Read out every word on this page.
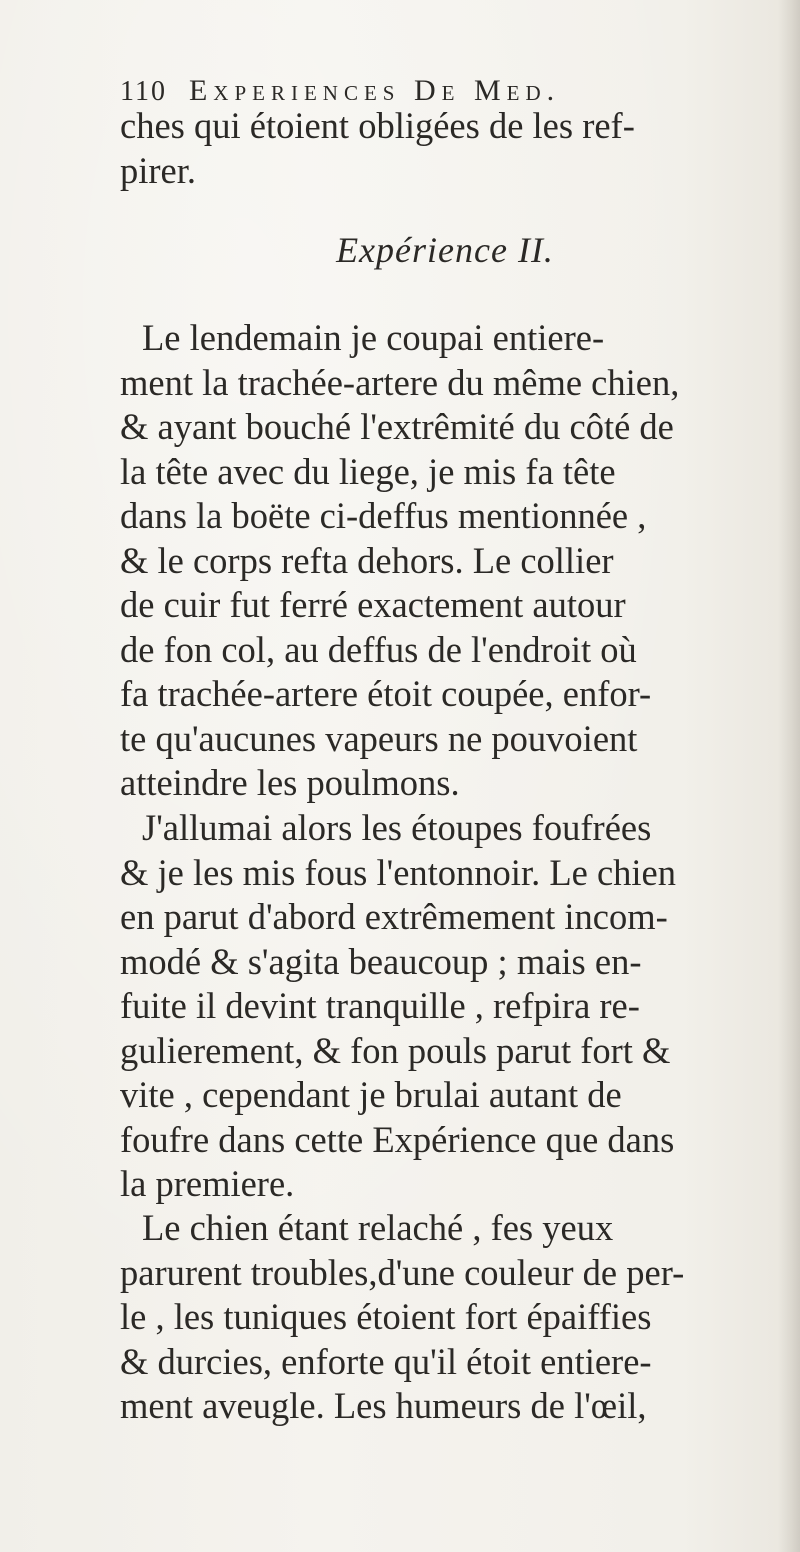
110 Experiences De Med.
ches qui étoient obligées de les ref-
pirer.
Expérience II.
Le lendemain je coupai entiere-
ment la trachée-artere du même chien,
& ayant bouché l'extrêmité du côté de
la tête avec du liege, je mis fa tête
dans la boëte ci-deffus mentionnée ,
& le corps refta dehors. Le collier
de cuir fut ferré exactement autour
de fon col, au deffus de l'endroit où
fa trachée-artere étoit coupée, enfor-
te qu'aucunes vapeurs ne pouvoient
atteindre les poulmons.
J'allumai alors les étoupes foufrées
& je les mis fous l'entonnoir. Le chien
en parut d'abord extrêmement incom-
modé & s'agita beaucoup ; mais en-
fuite il devint tranquille , refpira re-
gulierement, & fon pouls parut fort &
vite , cependant je brulai autant de
foufre dans cette Expérience que dans
la premiere.
Le chien étant relaché , fes yeux
parurent troubles,d'une couleur de per-
le , les tuniques étoient fort épaiffies
& durcies, enforte qu'il étoit entiere-
ment aveugle. Les humeurs de l'œil,
